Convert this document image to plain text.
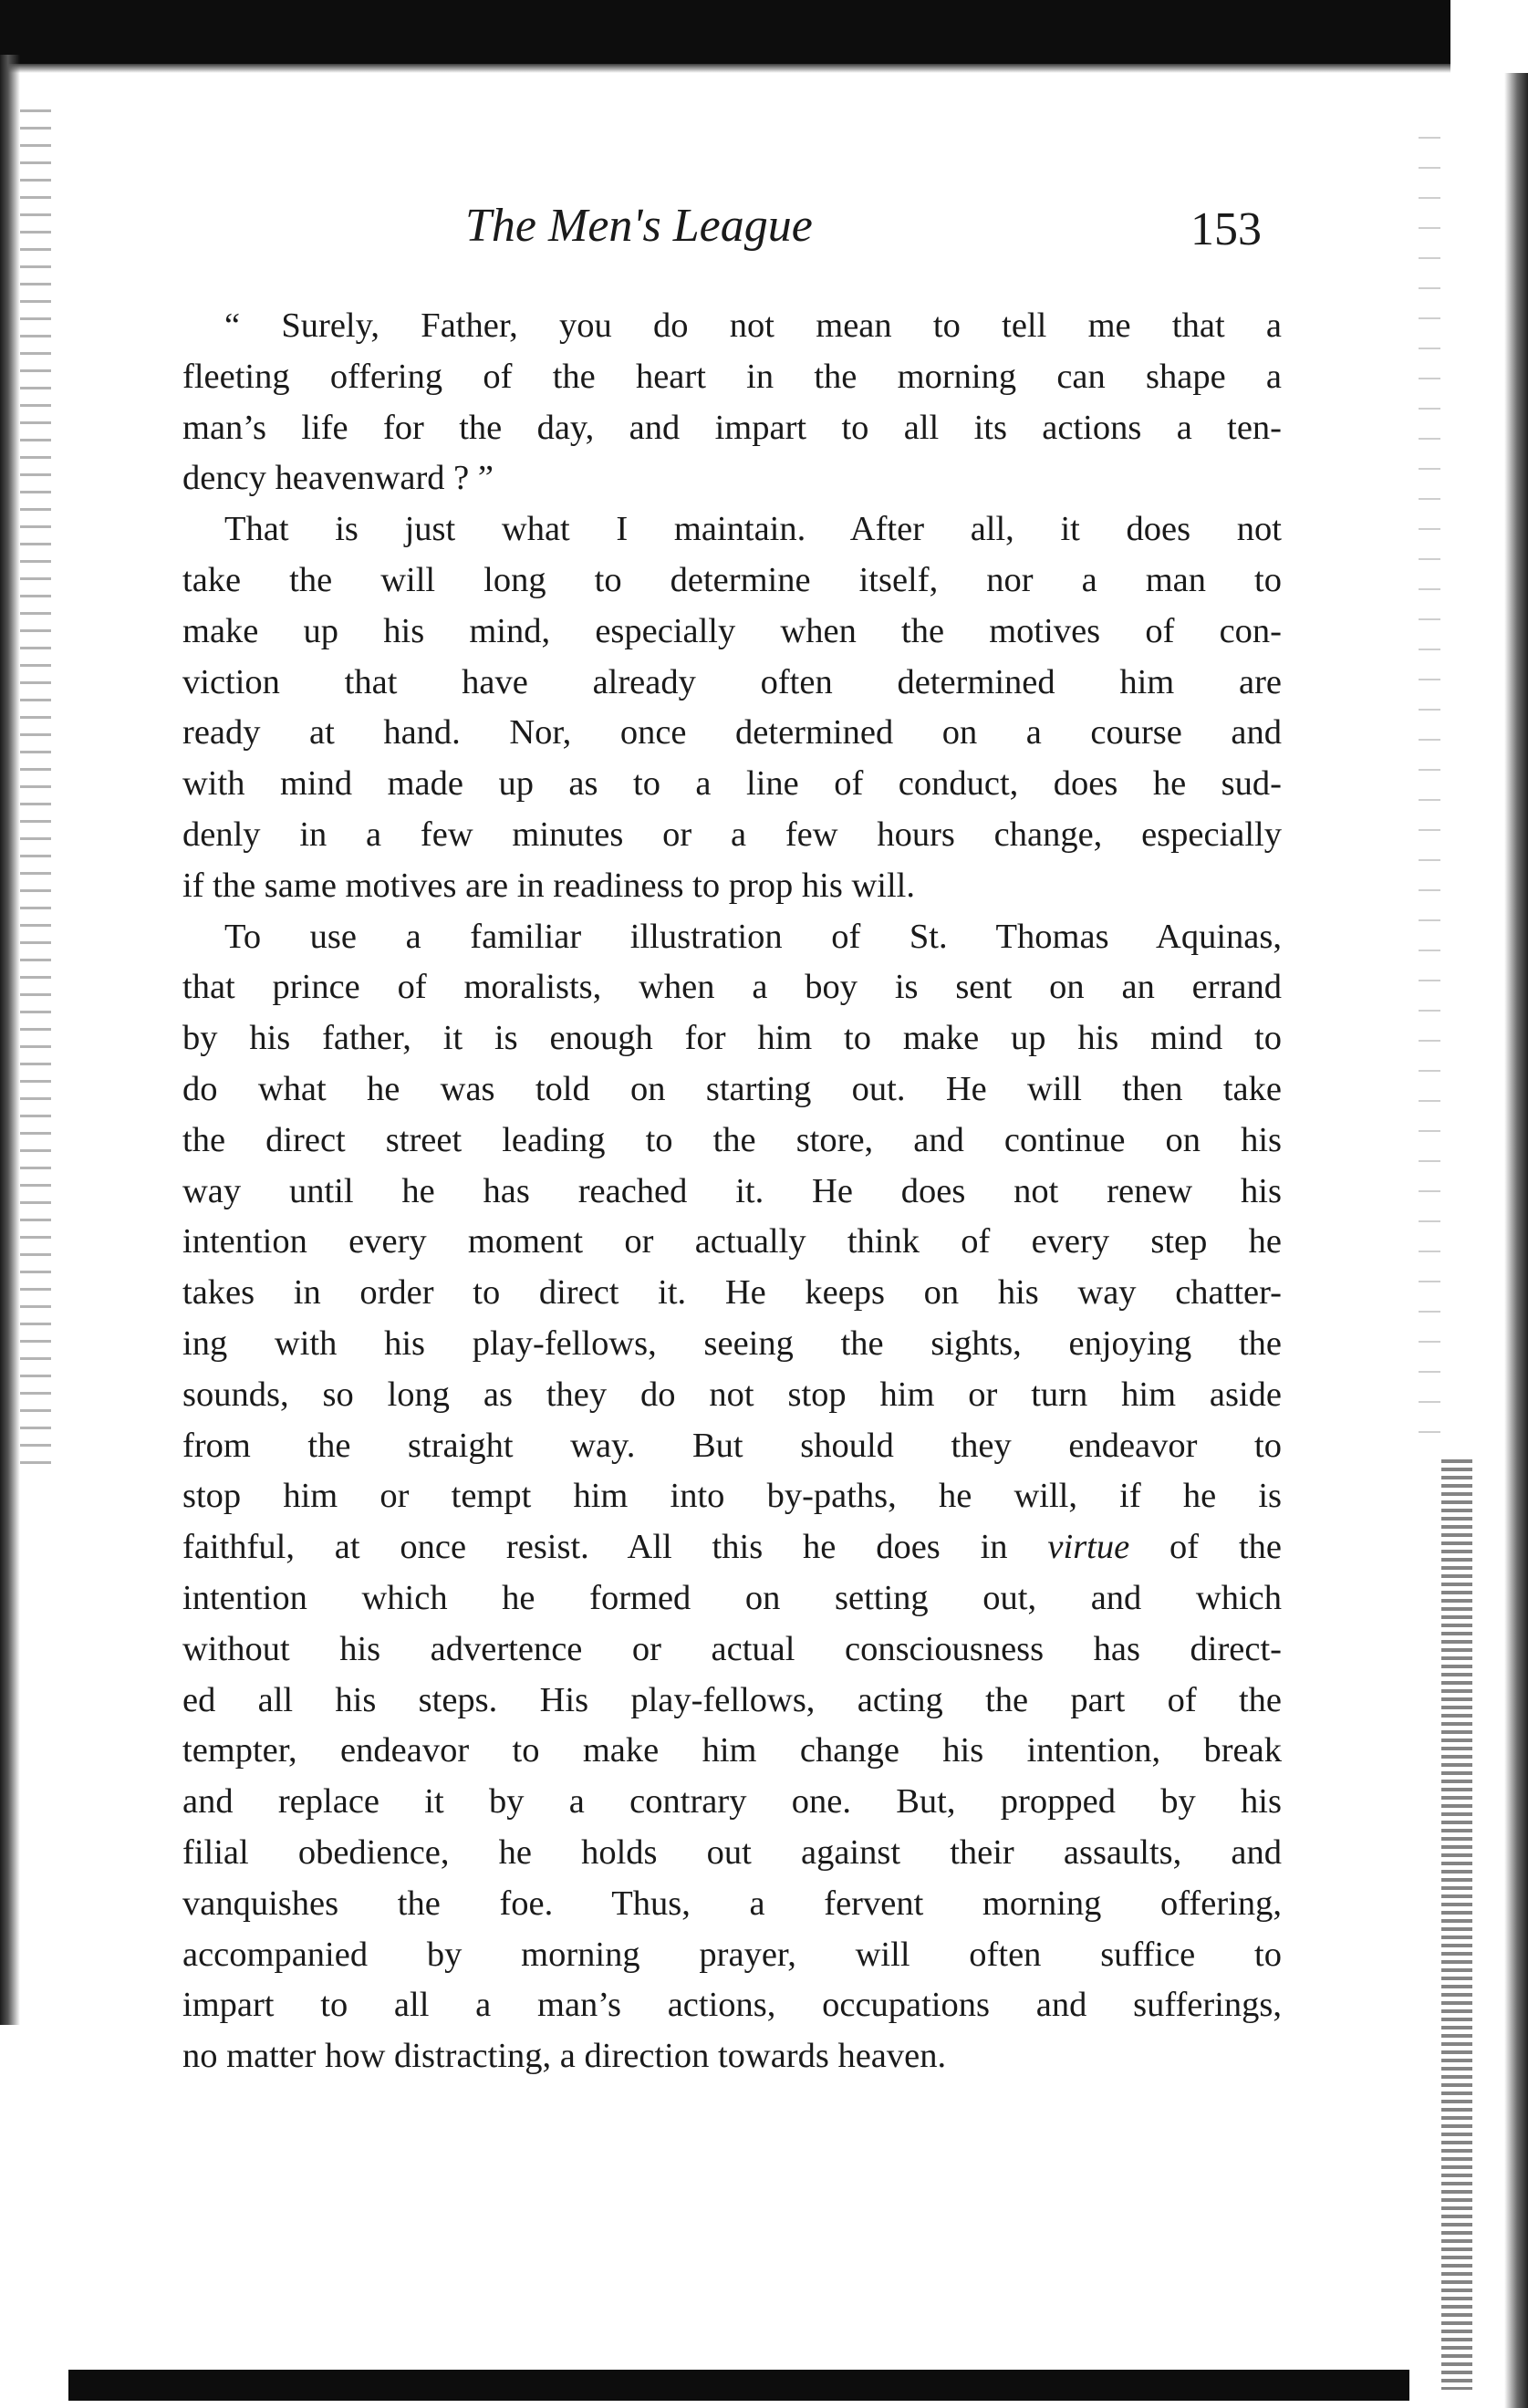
The Men's League	153
“ Surely, Father, you do not mean to tell me that a
fleeting offering of the heart in the morning can shape a
man’s life for the day, and impart to all its actions a ten-
dency heavenward ? ”
That is just what I maintain. After all, it does not
take the will long to determine itself, nor a man to
make up his mind, especially when the motives of con-
viction that have already often determined him are
ready at hand. Nor, once determined on a course and
with mind made up as to a line of conduct, does he sud-
denly in a few minutes or a few hours change, especially
if the same motives are in readiness to prop his will.
To use a familiar illustration of St. Thomas Aquinas,
that prince of moralists, when a boy is sent on an errand
by his father, it is enough for him to make up his mind to
do what he was told on starting out. He will then take
the direct street leading to the store, and continue on his
way until he has reached it. He does not renew his
intention every moment or actually think of every step he
takes in order to direct it. He keeps on his way chatter-
ing with his play-fellows, seeing the sights, enjoying the
sounds, so long as they do not stop him or turn him aside
from the straight way. But should they endeavor to
stop him or tempt him into by-paths, he will, if he is
faithful, at once resist. All this he does in virtue of the
intention which he formed on setting out, and which
without his advertence or actual consciousness has direct-
ed all his steps. His play-fellows, acting the part of the
tempter, endeavor to make him change his intention, break
and replace it by a contrary one. But, propped by his
filial obedience, he holds out against their assaults, and
vanquishes the foe. Thus, a fervent morning offering,
accompanied by morning prayer, will often suffice to
impart to all a man’s actions, occupations and sufferings,
no matter how distracting, a direction towards heaven.
